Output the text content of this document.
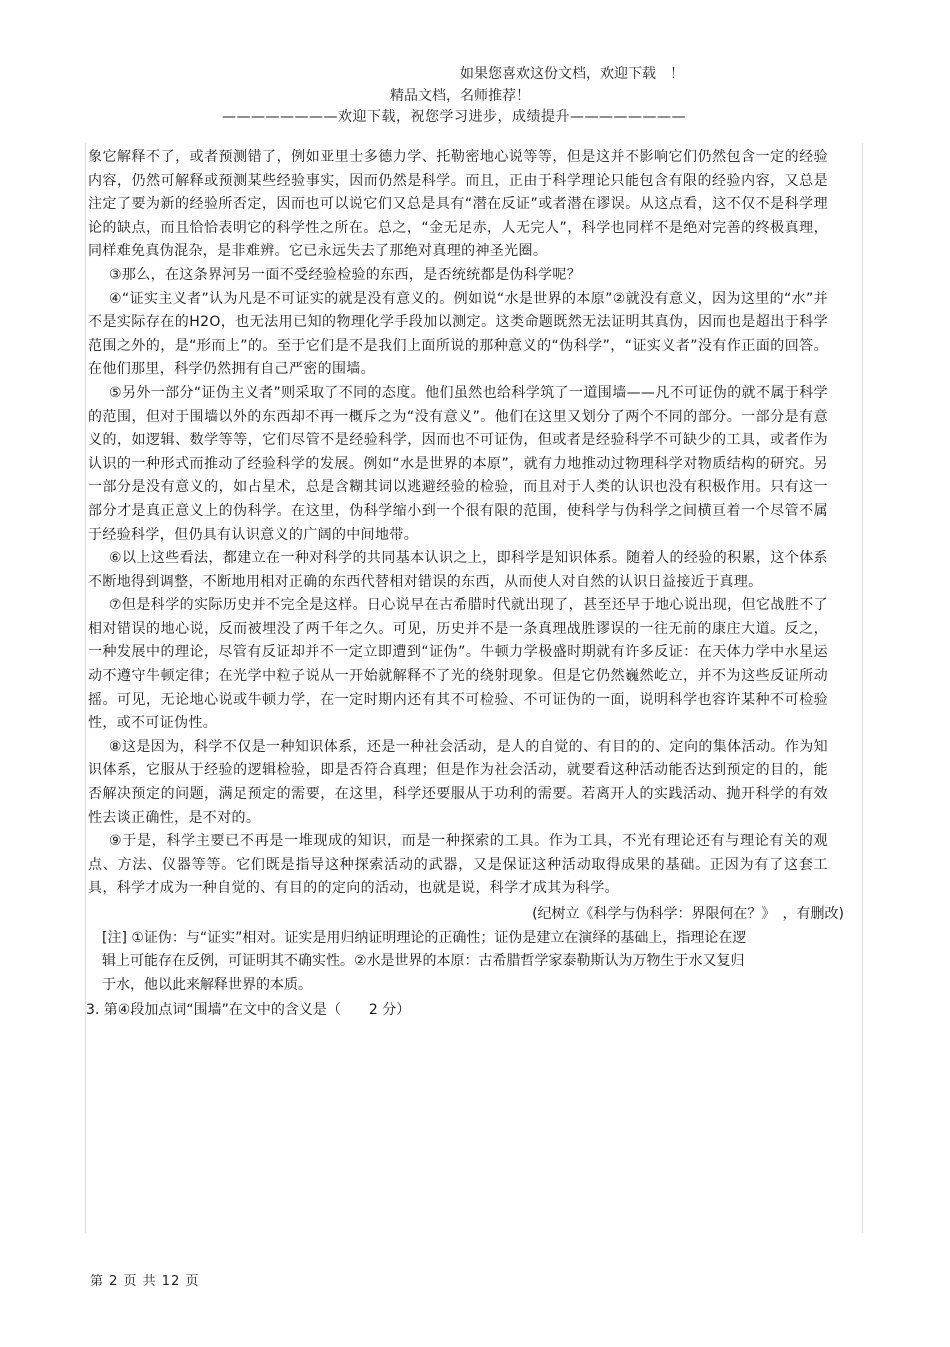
如果您喜欢这份文档，欢迎下载　！
精品文档，名师推荐！
————————欢迎下载，祝您学习进步，成绩提升————————

象它解释不了，或者预测错了，例如亚里士多德力学、托勒密地心说等等，但是这并不影响它们仍然包含一定的经验内容，仍然可解释或预测某些经验事实，因而仍然是科学。而且，正由于科学理论只能包含有限的经验内容，又总是注定了要为新的经验所否定，因而也可以说它们又总是具有“潜在反证”或者潜在谬误。从这点看，这不仅不是科学理论的缺点，而且恰恰表明它的科学性之所在。总之，“金无足赤，人无完人”，科学也同样不是绝对完善的终极真理，同样难免真伪混杂，是非难辨。它已永远失去了那绝对真理的神圣光圈。

③那么，在这条界河另一面不受经验检验的东西，是否统统都是伪科学呢？

④“证实主义者”认为凡是不可证实的就是没有意义的。例如说“水是世界的本原”②就没有意义，因为这里的“水”并不是实际存在的H2O，也无法用已知的物理化学手段加以测定。这类命题既然无法证明其真伪，因而也是超出于科学范围之外的，是“形而上”的。至于它们是不是我们上面所说的那种意义的“伪科学”，“证实义者”没有作正面的回答。在他们那里，科学仍然拥有自己严密的围墙。

⑤另外一部分“证伪主义者”则采取了不同的态度。他们虽然也给科学筑了一道围墙——凡不可证伪的就不属于科学的范围，但对于围墙以外的东西却不再一概斥之为“没有意义”。他们在这里又划分了两个不同的部分。一部分是有意义的，如逻辑、数学等等，它们尽管不是经验科学，因而也不可证伪，但或者是经验科学不可缺少的工具，或者作为认识的一种形式而推动了经验科学的发展。例如“水是世界的本原”，就有力地推动过物理科学对物质结构的研究。另一部分是没有意义的，如占星术，总是含糊其词以逃避经验的检验，而且对于人类的认识也没有积极作用。只有这一部分才是真正意义上的伪科学。在这里，伪科学缩小到一个很有限的范围，使科学与伪科学之间横亘着一个尽管不属于经验科学，但仍具有认识意义的广阔的中间地带。

⑥以上这些看法，都建立在一种对科学的共同基本认识之上，即科学是知识体系。随着人的经验的积累，这个体系不断地得到调整，不断地用相对正确的东西代替相对错误的东西，从而使人对自然的认识日益接近于真理。

⑦但是科学的实际历史并不完全是这样。日心说早在古希腊时代就出现了，甚至还早于地心说出现，但它战胜不了相对错误的地心说，反而被埋没了两千年之久。可见，历史并不是一条真理战胜谬误的一往无前的康庄大道。反之，一种发展中的理论，尽管有反证却并不一定立即遭到“证伪”。牛顿力学极盛时期就有许多反证：在天体力学中水星运动不遵守牛顿定律；在光学中粒子说从一开始就解释不了光的绕射现象。但是它仍然巍然屹立，并不为这些反证所动摇。可见，无论地心说或牛顿力学，在一定时期内还有其不可检验、不可证伪的一面，说明科学也容许某种不可检验性，或不可证伪性。

⑧这是因为，科学不仅是一种知识体系，还是一种社会活动，是人的自觉的、有目的的、定向的集体活动。作为知识体系，它服从于经验的逻辑检验，即是否符合真理；但是作为社会活动，就要看这种活动能否达到预定的目的，能否解决预定的问题，满足预定的需要，在这里，科学还要服从于功利的需要。若离开人的实践活动、抛开科学的有效性去谈正确性，是不对的。

⑨于是，科学主要已不再是一堆现成的知识，而是一种探索的工具。作为工具，不光有理论还有与理论有关的观点、方法、仪器等等。它们既是指导这种探索活动的武器，又是保证这种活动取得成果的基础。正因为有了这套工具，科学才成为一种自觉的、有目的的定向的活动，也就是说，科学才成其为科学。

(纪树立《科学与伪科学：界限何在？》　，有删改)

[注] ①证伪：与“证实”相对。证实是用归纳证明理论的正确性；证伪是建立在演绎的基础上，指理论在逻辑上可能存在反例，可证明其不确实性。②水是世界的本原：古希腊哲学家泰勒斯认为万物生于水又复归于水，他以此来解释世界的本质。

3. 第④段加点词“围墙”在文中的含义是（　　2 分）
第 2 页 共 12 页
